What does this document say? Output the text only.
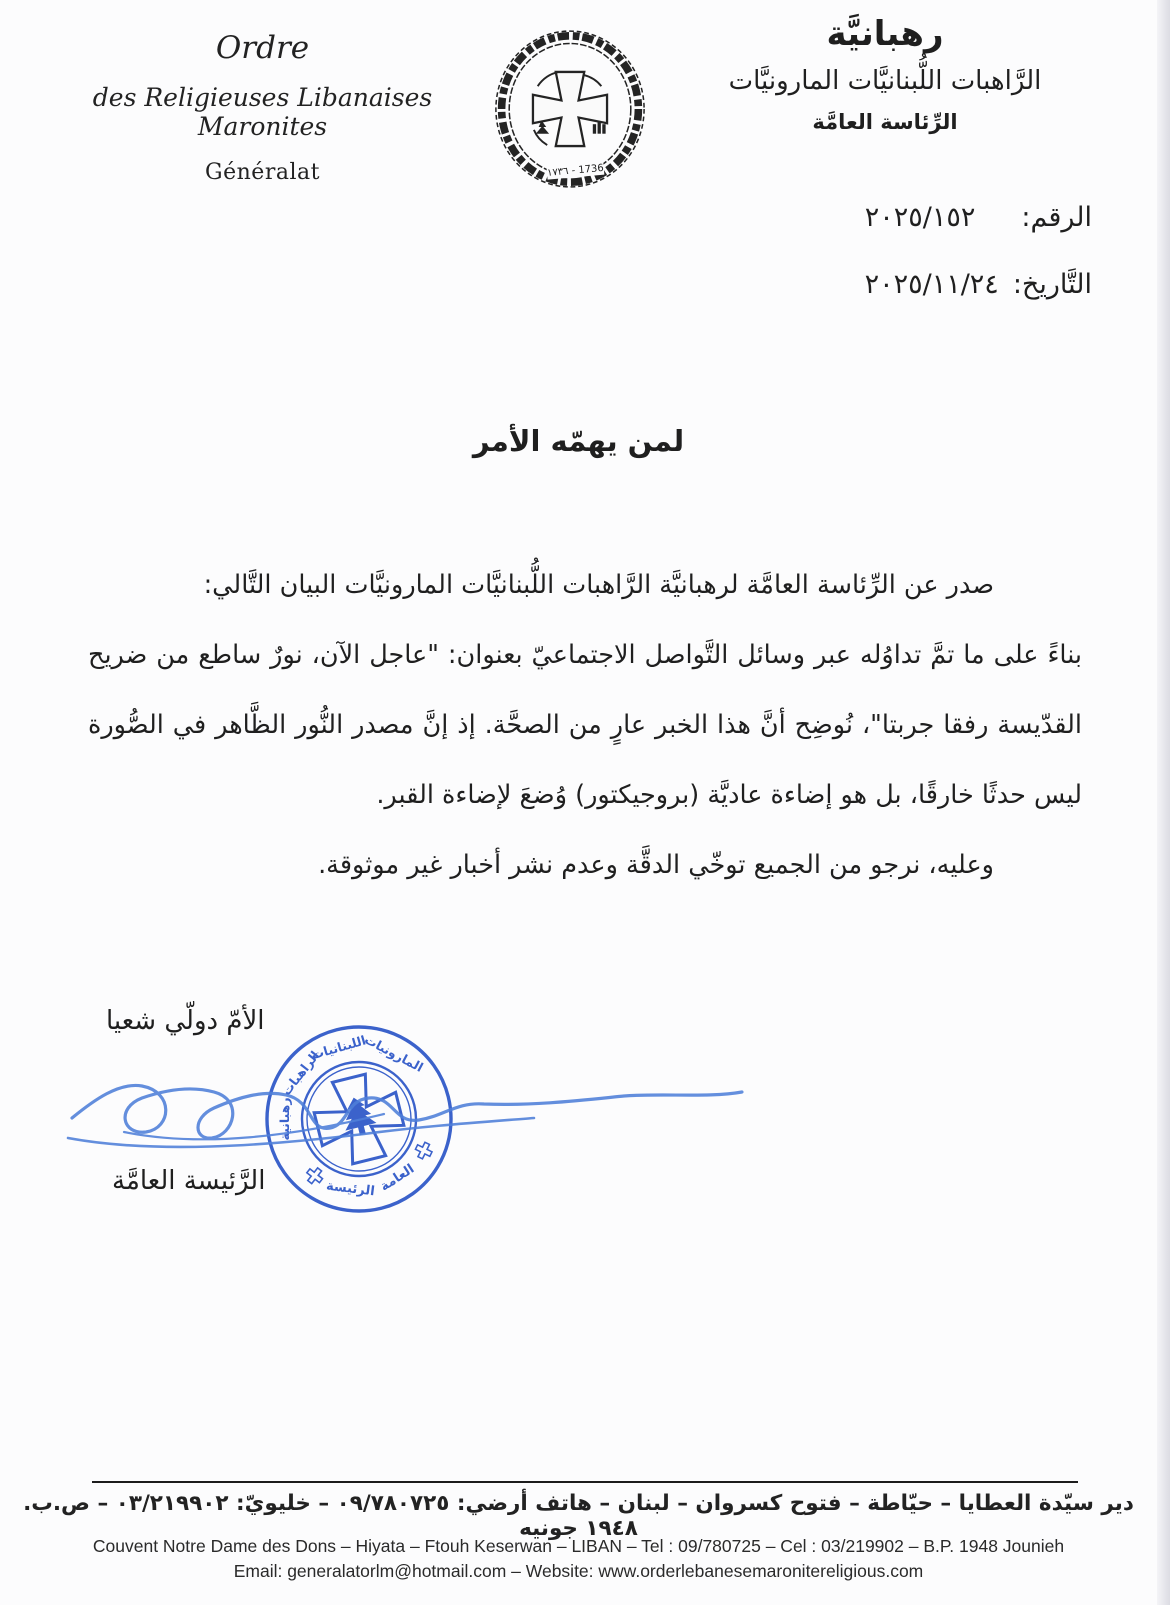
Ordre
des Religieuses Libanaises Maronites
Généralat	١٧٣٦ - 1736
رهبانيَّة
الرَّاهبات اللُّبنانيَّات المارونيَّات
الرِّئاسة العامَّة
الرقم:
٢٠٢٥/١٥٢
التَّاريخ:
٢٠٢٥/١١/٢٤
لمن يهمّه الأمر

صدر عن الرِّئاسة العامَّة لرهبانيَّة الرَّاهبات اللُّبنانيَّات المارونيَّات البيان التَّالي:

بناءً على ما تمَّ تداوُله عبر وسائل التَّواصل الاجتماعيّ بعنوان: "عاجل الآن، نورٌ ساطع من ضريح القدّيسة رفقا جربتا"، نُوضِح أنَّ هذا الخبر عارٍ من الصحَّة. إذ إنَّ مصدر النُّور الظَّاهر في الصُّورة ليس حدثًا خارقًا، بل هو إضاءة عاديَّة (بروجيكتور) وُضعَ لإضاءة القبر.

وعليه، نرجو من الجميع توخّي الدقَّة وعدم نشر أخبار غير موثوقة.

الأمّ دولّي شعيا
الرَّئيسة العامَّة
رهبانية
الراهبات
اللبنانيات
المارونيات
الرئيسة العامة
دير سيّدة العطايا – حيّاطة – فتوح كسروان – لبنان – هاتف أرضي: ٠٩/٧٨٠٧٢٥ – خليويّ: ٠٣/٢١٩٩٠٢ – ص.ب. ١٩٤٨ جونيه
Couvent Notre Dame des Dons – Hiyata – Ftouh Keserwan – LIBAN – Tel : 09/780725 – Cel : 03/219902 – B.P. 1948 Jounieh
Email: generalatorlm@hotmail.com – Website: www.orderlebanesemaronitereligious.com
